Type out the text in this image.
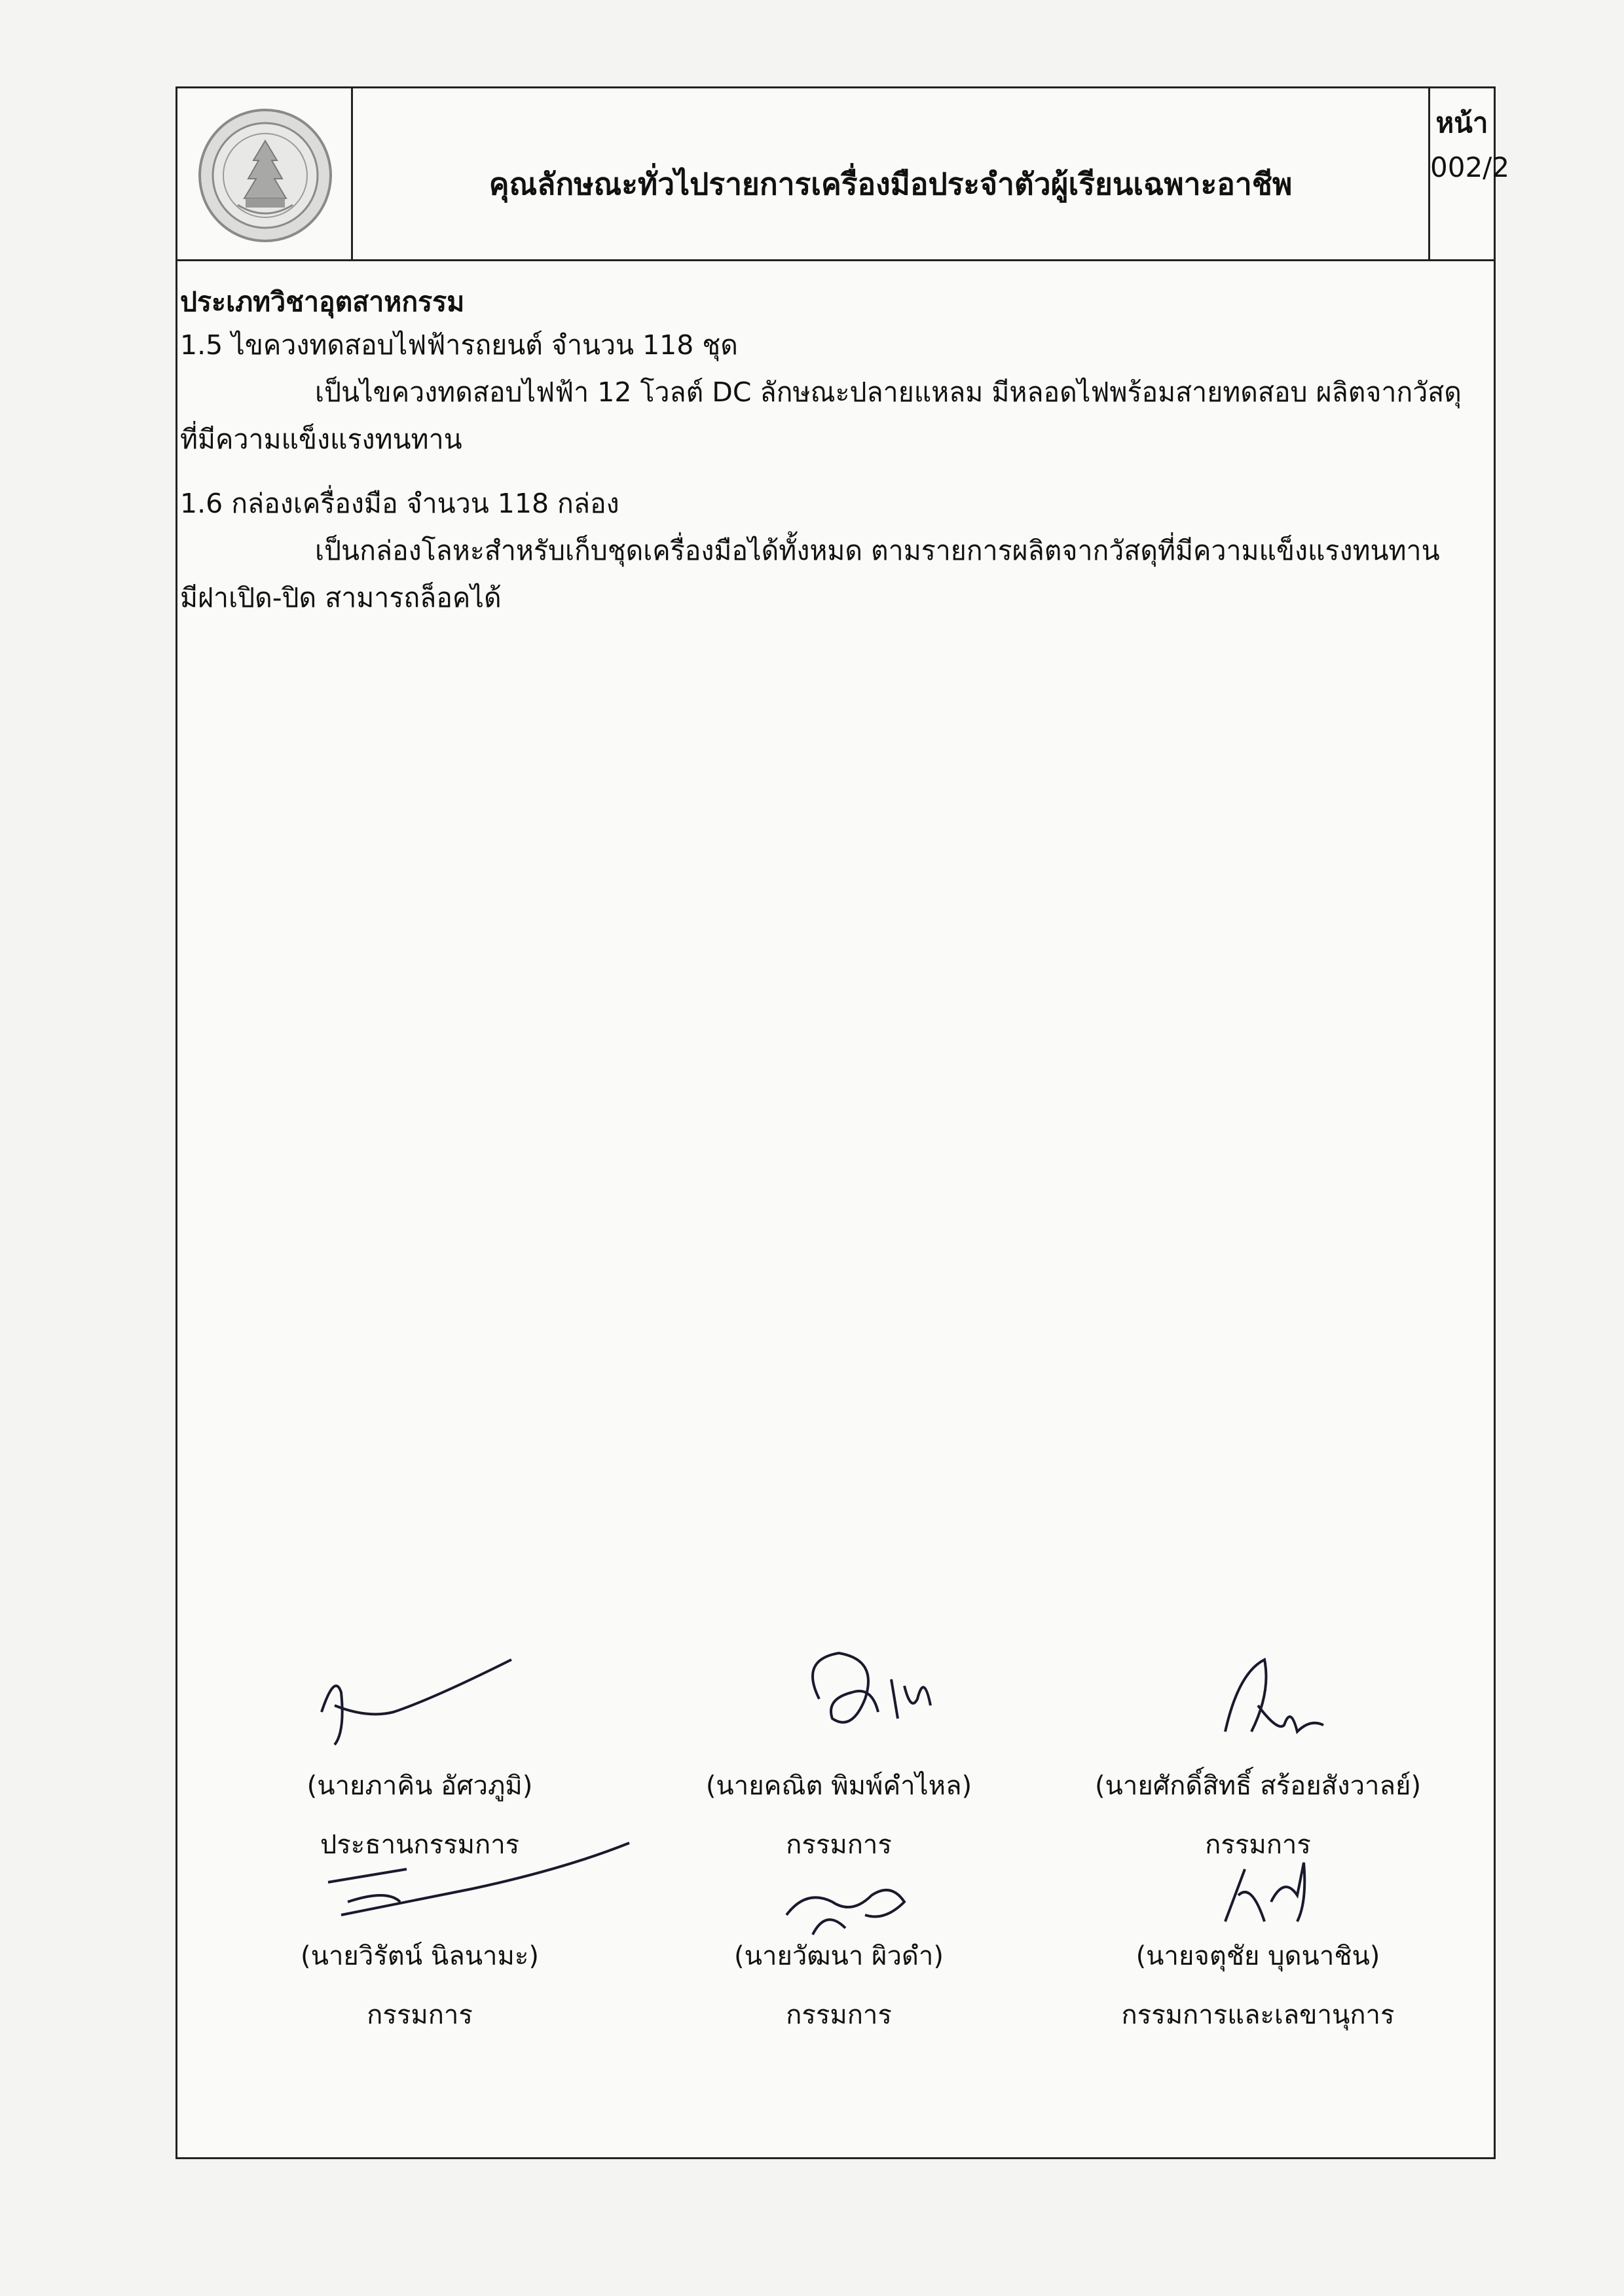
คุณลักษณะทั่วไปรายการเครื่องมือประจำตัวผู้เรียนเฉพาะอาชีพ
หน้า
002/2
ประเภทวิชาอุตสาหกรรม
1.5 ไขควงทดสอบไฟฟ้ารถยนต์ จำนวน 118 ชุด
เป็นไขควงทดสอบไฟฟ้า 12 โวลต์ DC ลักษณะปลายแหลม มีหลอดไฟพร้อมสายทดสอบ ผลิตจากวัสดุ
ที่มีความแข็งแรงทนทาน
1.6 กล่องเครื่องมือ จำนวน 118 กล่อง
เป็นกล่องโลหะสำหรับเก็บชุดเครื่องมือได้ทั้งหมด ตามรายการผลิตจากวัสดุที่มีความแข็งแรงทนทาน
มีฝาเปิด-ปิด สามารถล็อคได้
(นายภาคิน อัศวภูมิ)
ประธานกรรมการ
(นายคณิต พิมพ์คำไหล)
กรรมการ
(นายศักดิ์สิทธิ์ สร้อยสังวาลย์)
กรรมการ
(นายวิรัตน์ นิลนามะ)
กรรมการ
(นายวัฒนา ผิวดำ)
กรรมการ
(นายจตุชัย บุดนาชิน)
กรรมการและเลขานุการ
